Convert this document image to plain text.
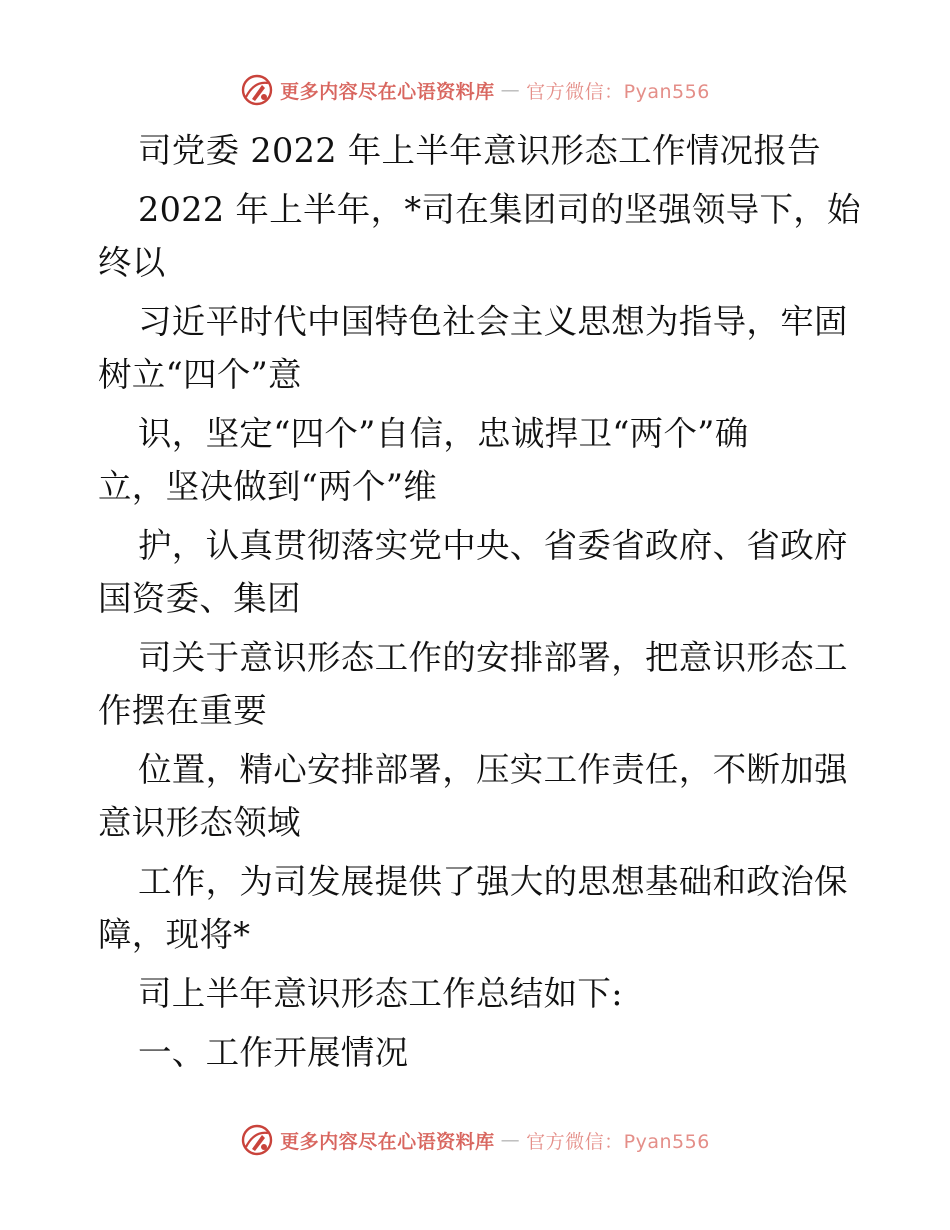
更多内容尽在心语资料库 — 官方微信：Pyan556
司党委 2022 年上半年意识形态工作情况报告
2022 年上半年，*司在集团司的坚强领导下，始
终以
习近平时代中国特色社会主义思想为指导，牢固
树立“四个”意
识，坚定“四个”自信，忠诚捍卫“两个”确
立，坚决做到“两个”维
护，认真贯彻落实党中央、省委省政府、省政府
国资委、集团
司关于意识形态工作的安排部署，把意识形态工
作摆在重要
位置，精心安排部署，压实工作责任，不断加强
意识形态领域
工作，为司发展提供了强大的思想基础和政治保
障，现将*
司上半年意识形态工作总结如下:
一、工作开展情况
更多内容尽在心语资料库 — 官方微信：Pyan556
